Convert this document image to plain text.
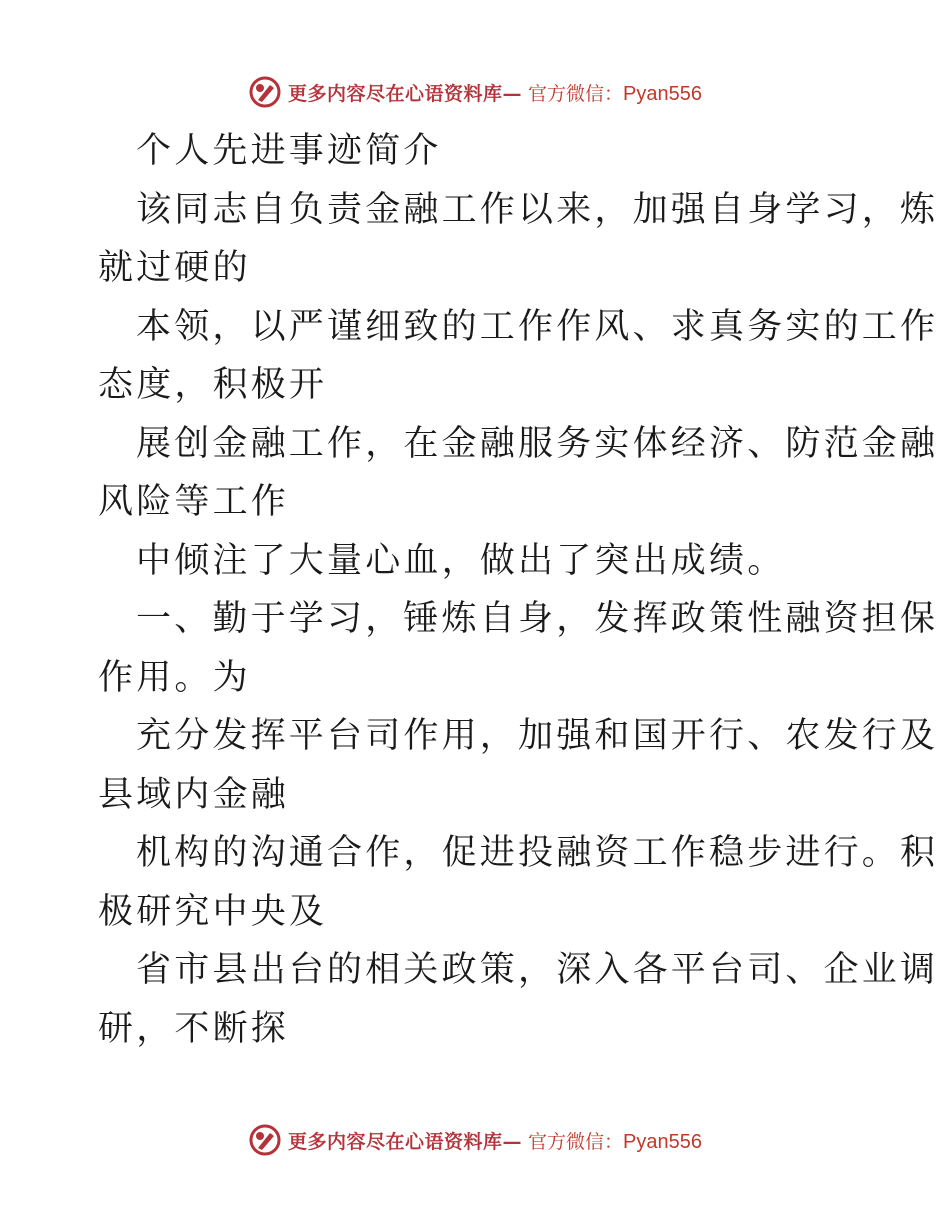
更多内容尽在心语资料库— 官方微信：Pyan556
个人先进事迹简介
该同志自负责金融工作以来，加强自身学习，炼
就过硬的
本领，以严谨细致的工作作风、求真务实的工作
态度，积极开
展创金融工作，在金融服务实体经济、防范金融
风险等工作
中倾注了大量心血，做出了突出成绩。
一、勤于学习，锤炼自身，发挥政策性融资担保
作用。为
充分发挥平台司作用，加强和国开行、农发行及
县域内金融
机构的沟通合作，促进投融资工作稳步进行。积
极研究中央及
省市县出台的相关政策，深入各平台司、企业调
研，不断探
更多内容尽在心语资料库— 官方微信：Pyan556
